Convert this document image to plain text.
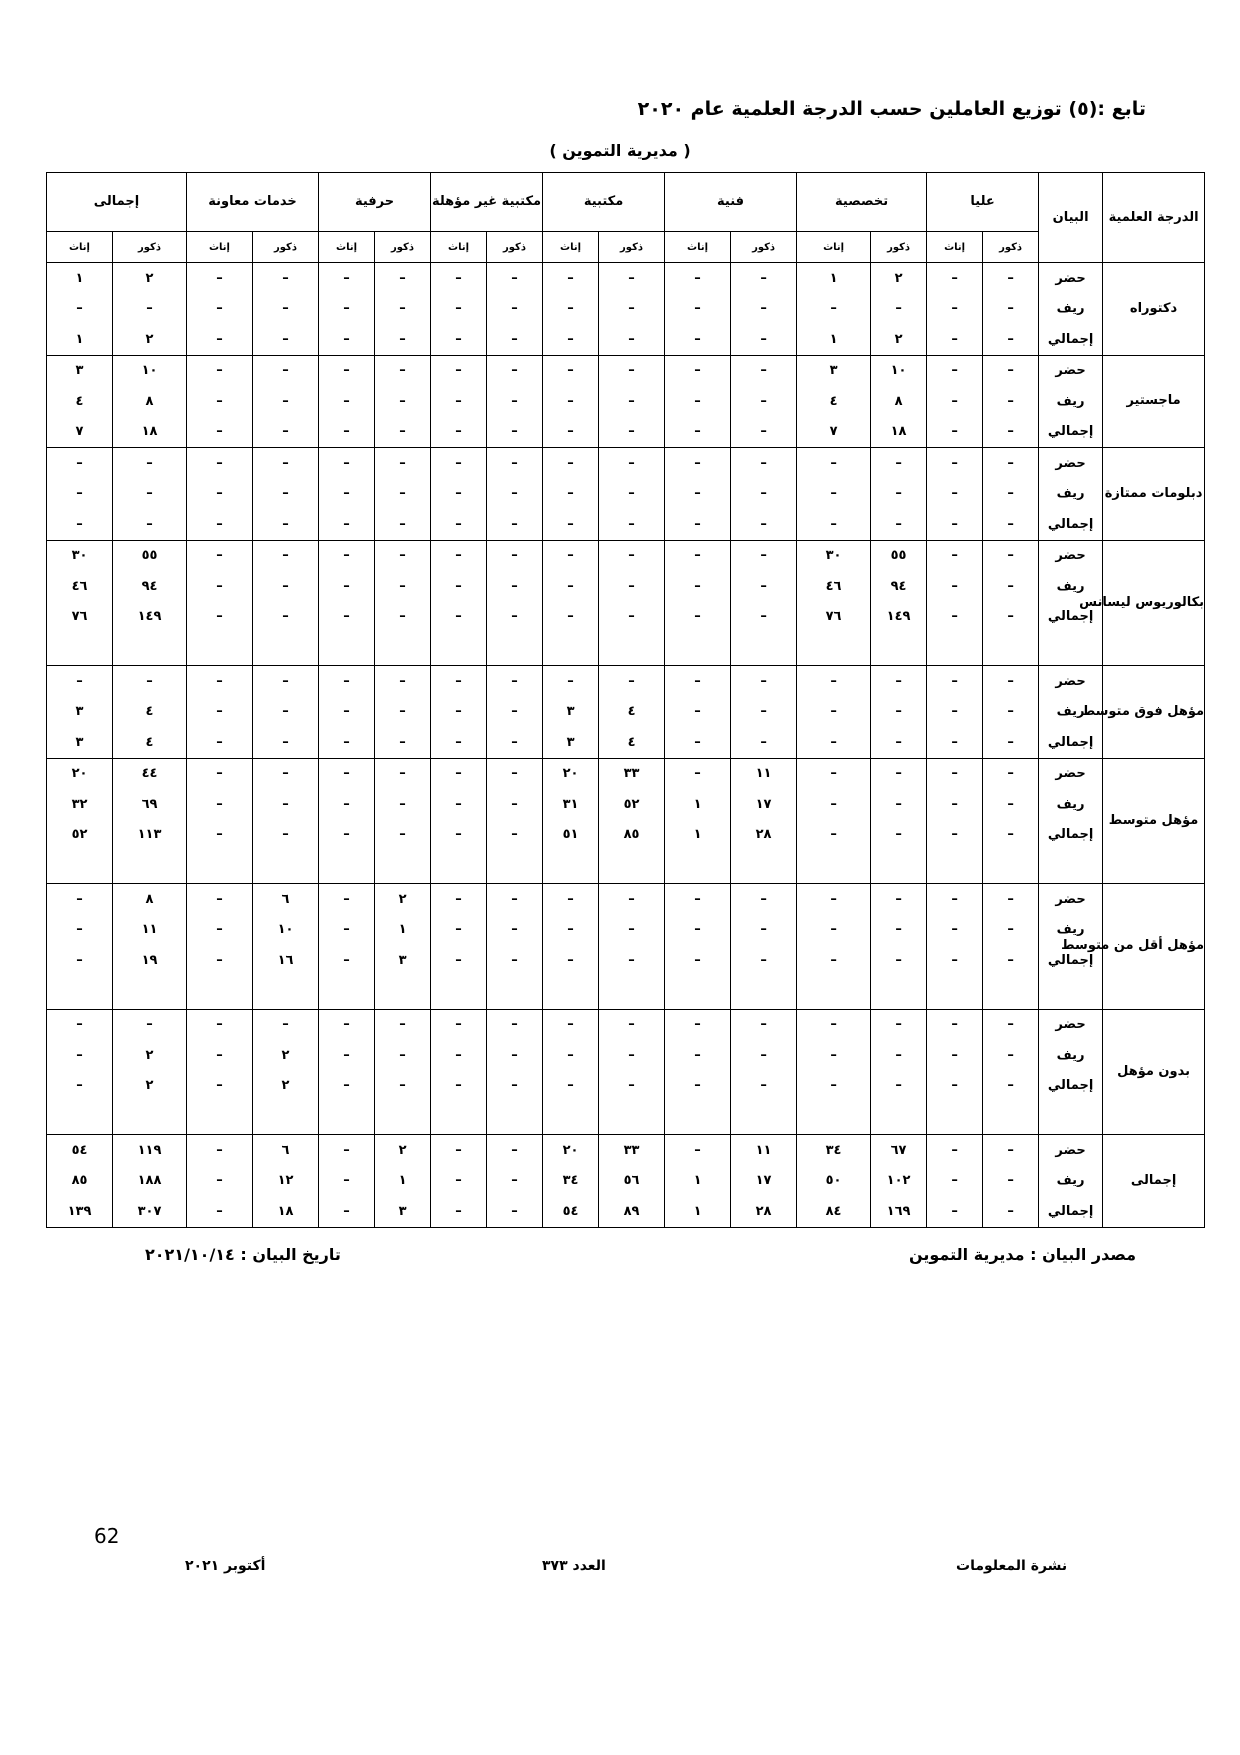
تابع :(٥) توزيع العاملين حسب الدرجة العلمية عام ٢٠٢٠
( مديرية التموين )
الدرجة العلمية	البيان	عليا		تخصصية		فنية		مكتبية		مكتبية غير مؤهلة		حرفية		خدمات معاونة		إجمالى	
		ذكور	إناث	ذكور	إناث	ذكور	إناث	ذكور	إناث	ذكور	إناث	ذكور	إناث	ذكور	إناث	ذكور	إناث
دكتوراه	حضر	–	–	٢	١	–	–	–	–	–	–	–	–	–	–	٢	١
	ريف	–	–	–	–	–	–	–	–	–	–	–	–	–	–	–	–
	إجمالي	–	–	٢	١	–	–	–	–	–	–	–	–	–	–	٢	١
ماجستير	حضر	–	–	١٠	٣	–	–	–	–	–	–	–	–	–	–	١٠	٣
	ريف	–	–	٨	٤	–	–	–	–	–	–	–	–	–	–	٨	٤
	إجمالي	–	–	١٨	٧	–	–	–	–	–	–	–	–	–	–	١٨	٧
دبلومات ممتازة	حضر	–	–	–	–	–	–	–	–	–	–	–	–	–	–	–	–
	ريف	–	–	–	–	–	–	–	–	–	–	–	–	–	–	–	–
	إجمالي	–	–	–	–	–	–	–	–	–	–	–	–	–	–	–	–
بكالوريوس ليسانس	حضر	–	–	٥٥	٣٠	–	–	–	–	–	–	–	–	–	–	٥٥	٣٠
	ريف	–	–	٩٤	٤٦	–	–	–	–	–	–	–	–	–	–	٩٤	٤٦
	إجمالي	–	–	١٤٩	٧٦	–	–	–	–	–	–	–	–	–	–	١٤٩	٧٦

مؤهل فوق متوسط	حضر	–	–	–	–	–	–	–	–	–	–	–	–	–	–	–	–
	ريف	–	–	–	–	–	–	٤	٣	–	–	–	–	–	–	٤	٣
	إجمالي	–	–	–	–	–	–	٤	٣	–	–	–	–	–	–	٤	٣
مؤهل متوسط	حضر	–	–	–	–	١١	–	٣٣	٢٠	–	–	–	–	–	–	٤٤	٢٠
	ريف	–	–	–	–	١٧	١	٥٢	٣١	–	–	–	–	–	–	٦٩	٣٢
	إجمالي	–	–	–	–	٢٨	١	٨٥	٥١	–	–	–	–	–	–	١١٣	٥٢

مؤهل أقل من متوسط	حضر	–	–	–	–	–	–	–	–	–	–	٢	–	٦	–	٨	–
	ريف	–	–	–	–	–	–	–	–	–	–	١	–	١٠	–	١١	–
	إجمالي	–	–	–	–	–	–	–	–	–	–	٣	–	١٦	–	١٩	–

بدون مؤهل	حضر	–	–	–	–	–	–	–	–	–	–	–	–	–	–	–	–
	ريف	–	–	–	–	–	–	–	–	–	–	–	–	٢	–	٢	–
	إجمالي	–	–	–	–	–	–	–	–	–	–	–	–	٢	–	٢	–

إجمالى	حضر	–	–	٦٧	٣٤	١١	–	٣٣	٢٠	–	–	٢	–	٦	–	١١٩	٥٤
	ريف	–	–	١٠٢	٥٠	١٧	١	٥٦	٣٤	–	–	١	–	١٢	–	١٨٨	٨٥
	إجمالي	–	–	١٦٩	٨٤	٢٨	١	٨٩	٥٤	–	–	٣	–	١٨	–	٣٠٧	١٣٩
مصدر البيان : مديرية التموين
تاريخ البيان : ٢٠٢١/١٠/١٤
62
أكتوبر ٢٠٢١	العدد ٣٧٣	نشرة المعلومات
